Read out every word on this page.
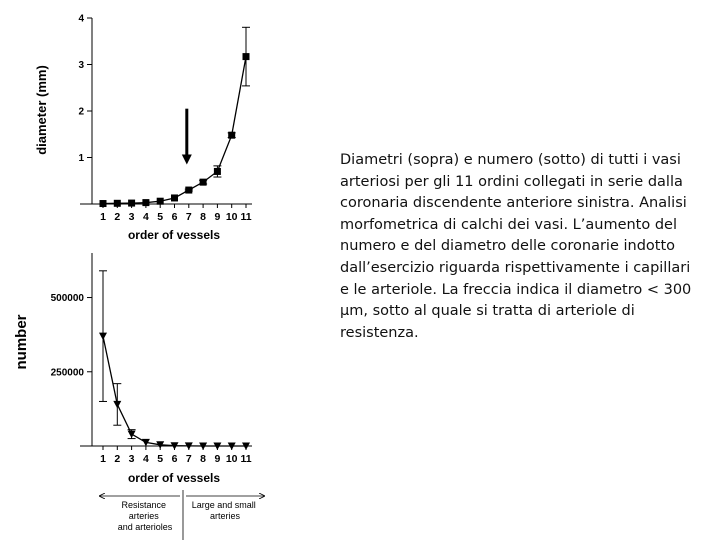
1
2
3
4
1 2 3 4 5 6 7 8 9 10 11
order of vessels
diameter (mm)
250000
500000
1 2 3 4 5 6 7 8 9 10 11
order of vessels
number
Resistance arteries and arterioles
Large and small arteries
Diametri (sopra) e numero (sotto) di tutti i vasi arteriosi per gli 11 ordini collegati in serie dalla coronaria discendente anteriore sinistra. Analisi morfometrica di calchi dei vasi. L’aumento del numero e del diametro delle coronarie indotto dall’esercizio riguarda rispettivamente i capillari e le arteriole. La freccia indica il diametro < 300 µm, sotto al quale si tratta di arteriole di resistenza.
